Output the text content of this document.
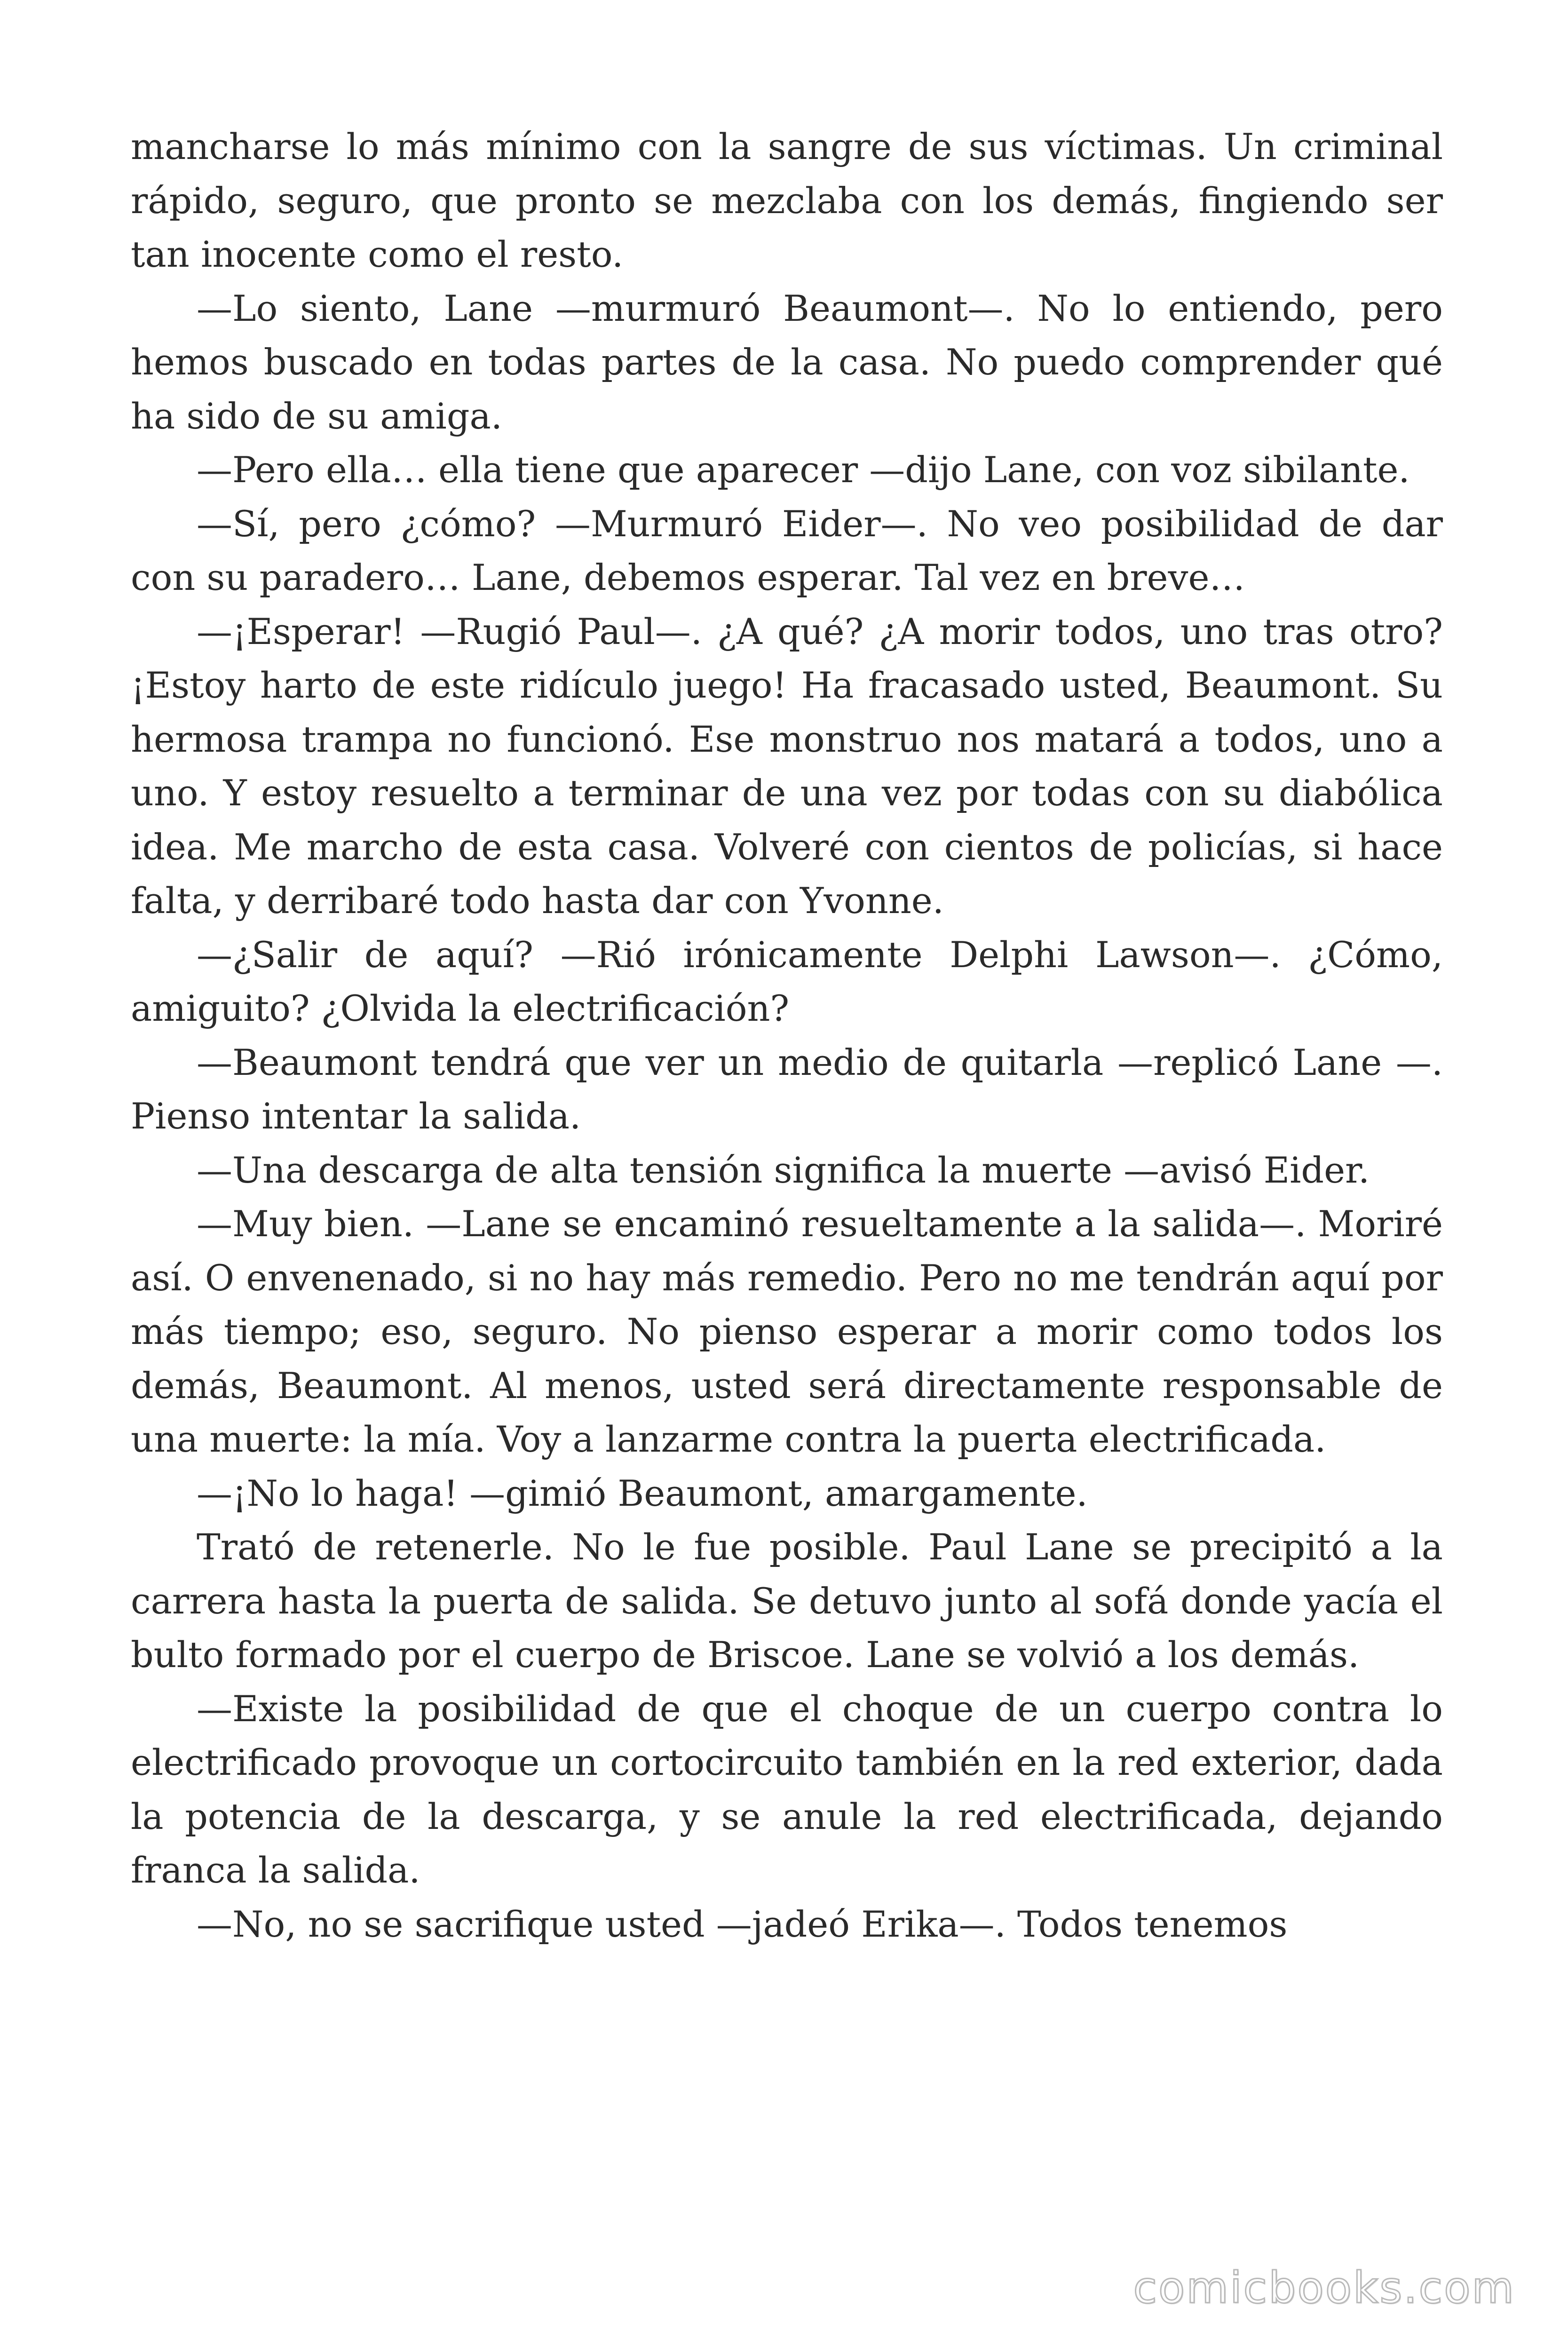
mancharse lo más mínimo con la sangre de sus víctimas. Un criminal rápido, seguro, que pronto se mezclaba con los demás, fingiendo ser tan inocente como el resto.

—Lo siento, Lane —murmuró Beaumont—. No lo entiendo, pero hemos buscado en todas partes de la casa. No puedo comprender qué ha sido de su amiga.

—Pero ella… ella tiene que aparecer —dijo Lane, con voz sibilante.

—Sí, pero ¿cómo? —Murmuró Eider—. No veo posibilidad de dar con su paradero… Lane, debemos esperar. Tal vez en breve…

—¡Esperar! —Rugió Paul—. ¿A qué? ¿A morir todos, uno tras otro? ¡Estoy harto de este ridículo juego! Ha fracasado usted, Beaumont. Su hermosa trampa no funcionó. Ese monstruo nos matará a todos, uno a uno. Y estoy resuelto a terminar de una vez por todas con su diabólica idea. Me marcho de esta casa. Volveré con cientos de policías, si hace falta, y derribaré todo hasta dar con Yvonne.

—¿Salir de aquí? —Rió irónicamente Delphi Lawson—. ¿Cómo, amiguito? ¿Olvida la electrificación?

—Beaumont tendrá que ver un medio de quitarla —replicó Lane —. Pienso intentar la salida.

—Una descarga de alta tensión significa la muerte —avisó Eider.

—Muy bien. —Lane se encaminó resueltamente a la salida—. Moriré así. O envenenado, si no hay más remedio. Pero no me tendrán aquí por más tiempo; eso, seguro. No pienso esperar a morir como todos los demás, Beaumont. Al menos, usted será directamente responsable de una muerte: la mía. Voy a lanzarme contra la puerta electrificada.

—¡No lo haga! —gimió Beaumont, amargamente.

Trató de retenerle. No le fue posible. Paul Lane se precipitó a la carrera hasta la puerta de salida. Se detuvo junto al sofá donde yacía el bulto formado por el cuerpo de Briscoe. Lane se volvió a los demás.

—Existe la posibilidad de que el choque de un cuerpo contra lo electrificado provoque un cortocircuito también en la red exterior, dada la potencia de la descarga, y se anule la red electrificada, dejando franca la salida.

—No, no se sacrifique usted —jadeó Erika—. Todos tenemos

comicbooks.com
